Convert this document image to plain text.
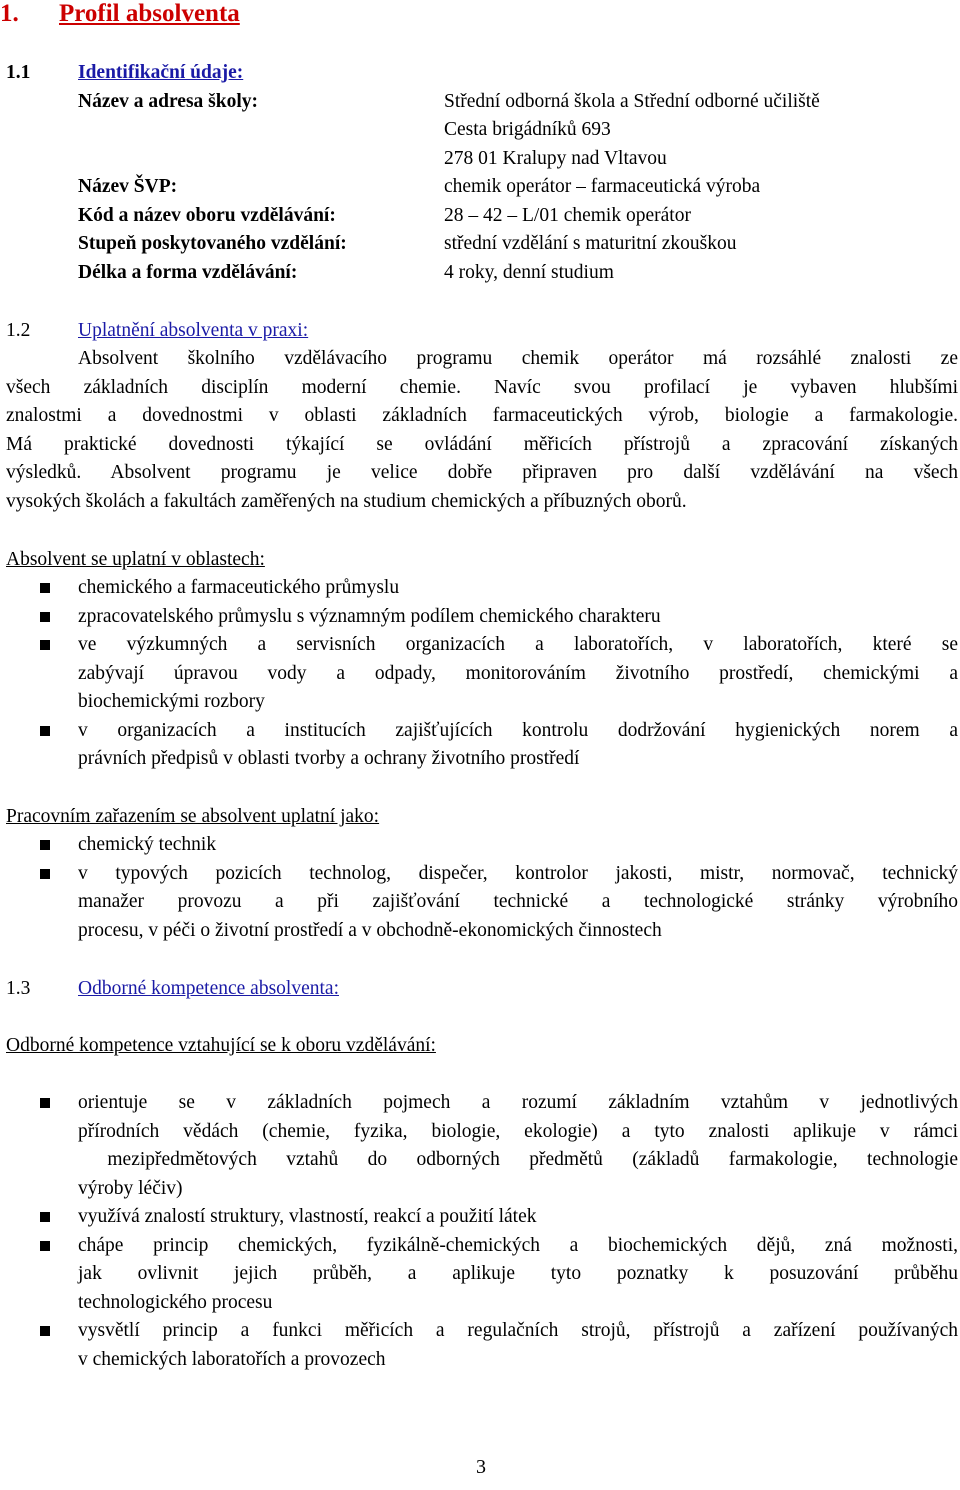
1. Profil absolventa
1.1 Identifikační údaje:
Název a adresa školy:	Střední odborná škola a Střední odborné učiliště
Cesta brigádníků 693
278 01 Kralupy nad Vltavou
Název ŠVP:	chemik operátor – farmaceutická výroba
Kód a název oboru vzdělávání:	28 – 42 – L/01 chemik operátor
Stupeň poskytovaného vzdělání:	střední vzdělání s maturitní zkouškou
Délka a forma vzdělávání:	4 roky, denní studium
1.2 Uplatnění absolventa v praxi:
Absolvent školního vzdělávacího programu chemik operátor má rozsáhlé znalosti ze
všech základních disciplín moderní chemie. Navíc svou profilací je vybaven hlubšími
znalostmi a dovednostmi v oblasti základních farmaceutických výrob, biologie a farmakologie.
Má praktické dovednosti týkající se ovládání měřicích přístrojů a zpracování získaných
výsledků. Absolvent programu je velice dobře připraven pro další vzdělávání na všech
vysokých školách a fakultách zaměřených na studium chemických a příbuzných oborů.
Absolvent se uplatní v oblastech:
chemického a farmaceutického průmyslu
zpracovatelského průmyslu s významným podílem chemického charakteru
ve výzkumných a servisních organizacích a laboratořích, v laboratořích, které se
zabývají úpravou vody a odpady, monitorováním životního prostředí, chemickými a
biochemickými rozbory
v organizacích a institucích zajišťujících kontrolu dodržování hygienických norem a
právních předpisů v oblasti tvorby a ochrany životního prostředí
Pracovním zařazením se absolvent uplatní jako:
chemický technik
v typových pozicích technolog, dispečer, kontrolor jakosti, mistr, normovač, technický
manažer provozu a při zajišťování technické a technologické stránky výrobního
procesu, v péči o životní prostředí a v obchodně-ekonomických činnostech
1.3 Odborné kompetence absolventa:
Odborné kompetence vztahující se k oboru vzdělávání:
orientuje se v základních pojmech a rozumí základním vztahům v jednotlivých
přírodních vědách (chemie, fyzika, biologie, ekologie) a tyto znalosti aplikuje v rámci
mezipředmětových vztahů do odborných předmětů (základů farmakologie, technologie
výroby léčiv)
využívá znalostí struktury, vlastností, reakcí a použití látek
chápe princip chemických, fyzikálně-chemických a biochemických dějů, zná možnosti,
jak ovlivnit jejich průběh, a aplikuje tyto poznatky k posuzování průběhu
technologického procesu
vysvětlí princip a funkci měřicích a regulačních strojů, přístrojů a zařízení používaných
v chemických laboratořích a provozech
3
